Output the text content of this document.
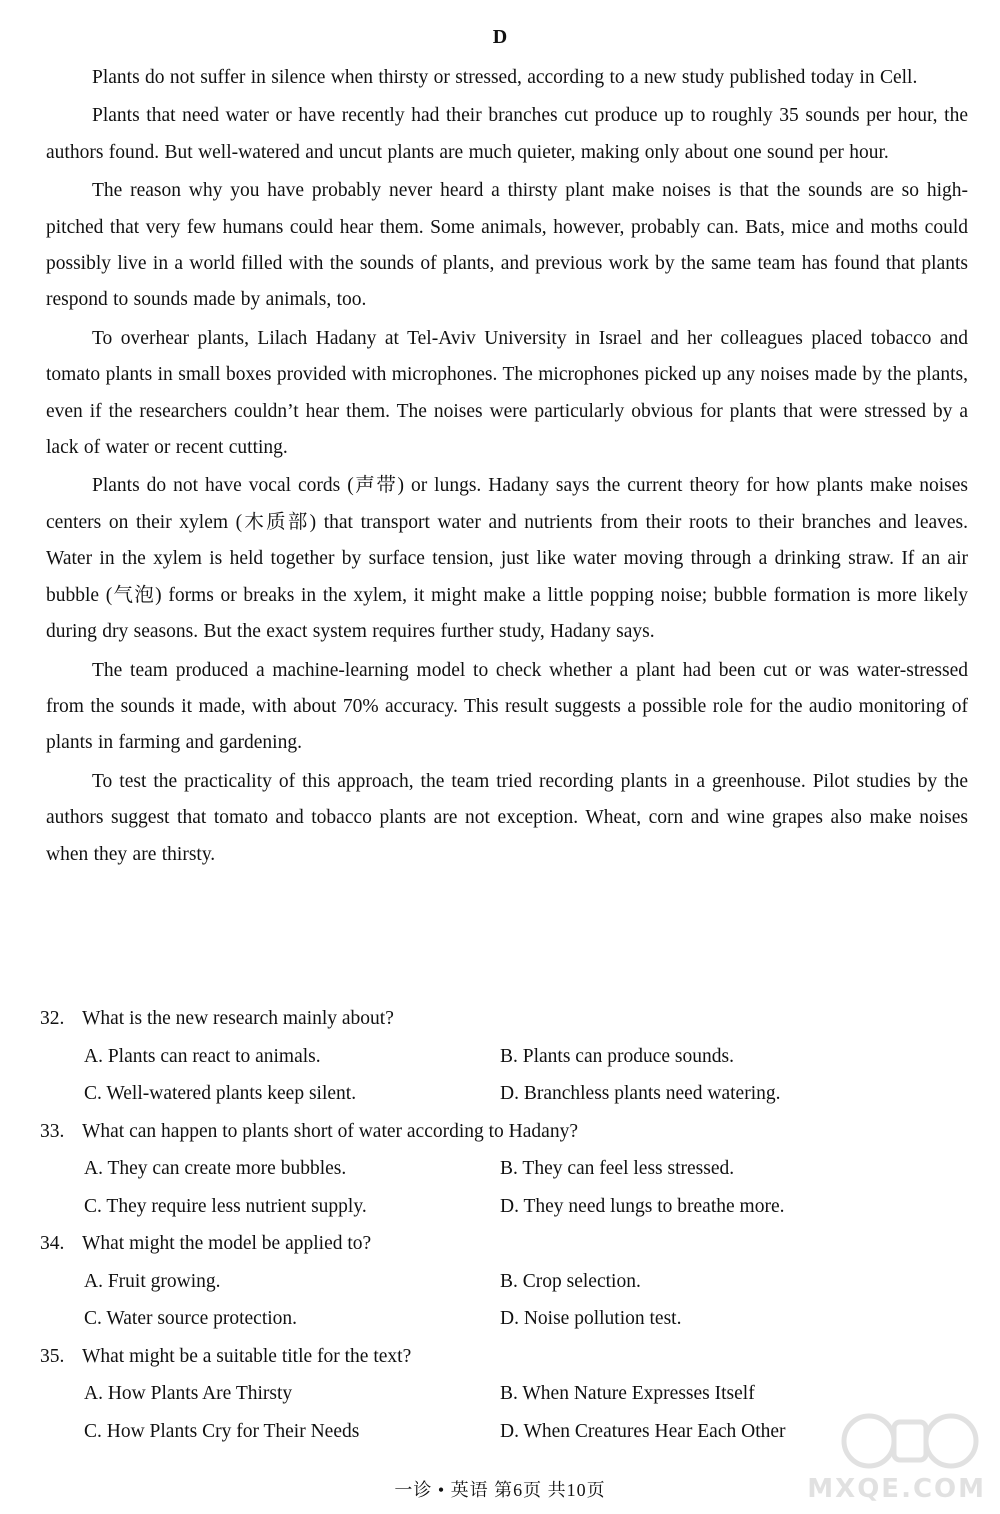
D

Plants do not suffer in silence when thirsty or stressed, according to a new study published today in Cell.

Plants that need water or have recently had their branches cut produce up to roughly 35 sounds per hour, the authors found. But well-watered and uncut plants are much quieter, making only about one sound per hour.

The reason why you have probably never heard a thirsty plant make noises is that the sounds are so high-pitched that very few humans could hear them. Some animals, however, probably can. Bats, mice and moths could possibly live in a world filled with the sounds of plants, and previous work by the same team has found that plants respond to sounds made by animals, too.

To overhear plants, Lilach Hadany at Tel-Aviv University in Israel and her colleagues placed tobacco and tomato plants in small boxes provided with microphones. The microphones picked up any noises made by the plants, even if the researchers couldn’t hear them. The noises were particularly obvious for plants that were stressed by a lack of water or recent cutting.

Plants do not have vocal cords (声带) or lungs. Hadany says the current theory for how plants make noises centers on their xylem (木质部) that transport water and nutrients from their roots to their branches and leaves. Water in the xylem is held together by surface tension, just like water moving through a drinking straw. If an air bubble (气泡) forms or breaks in the xylem, it might make a little popping noise; bubble formation is more likely during dry seasons. But the exact system requires further study, Hadany says.

The team produced a machine-learning model to check whether a plant had been cut or was water-stressed from the sounds it made, with about 70% accuracy. This result suggests a possible role for the audio monitoring of plants in farming and gardening.

To test the practicality of this approach, the team tried recording plants in a greenhouse. Pilot studies by the authors suggest that tomato and tobacco plants are not exception. Wheat, corn and wine grapes also make noises when they are thirsty.

32. What is the new research mainly about?
A. Plants can react to animals.	B. Plants can produce sounds.
C. Well-watered plants keep silent.	D. Branchless plants need watering.
33. What can happen to plants short of water according to Hadany?
A. They can create more bubbles.	B. They can feel less stressed.
C. They require less nutrient supply.	D. They need lungs to breathe more.
34. What might the model be applied to?
A. Fruit growing.	B. Crop selection.
C. Water source protection.	D. Noise pollution test.
35. What might be a suitable title for the text?
A. How Plants Are Thirsty	B. When Nature Expresses Itself
C. How Plants Cry for Their Needs	D. When Creatures Hear Each Other
一诊 • 英语 第6页 共10页	MXQE.COM
